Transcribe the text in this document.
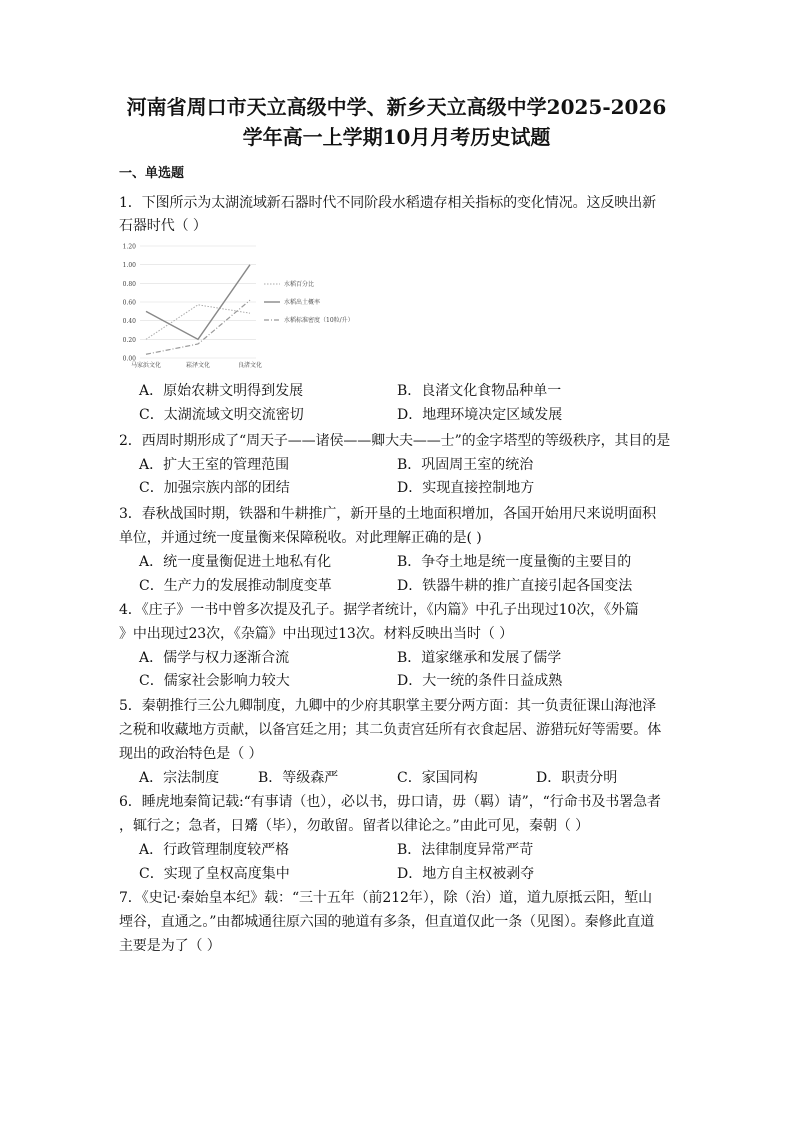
河南省周口市天立高级中学、新乡天立高级中学2025-2026
学年高一上学期10月月考历史试题
一、单选题
1．下图所示为太湖流域新石器时代不同阶段水稻遗存相关指标的变化情况。这反映出新
石器时代（ ）
1.20
1.00
0.80
0.60
0.40
0.20
0.00
马家浜文化	崧泽文化	良渚文化
水稻百分比
水稻出土概率
水稻标准密度（10粒/升）
A．原始农耕文明得到发展	B．良渚文化食物品种单一
C．太湖流域文明交流密切	D．地理环境决定区域发展
2．西周时期形成了“周天子——诸侯——卿大夫——士”的金字塔型的等级秩序，其目的是
A．扩大王室的管理范围	B．巩固周王室的统治
C．加强宗族内部的团结	D．实现直接控制地方
3．春秋战国时期，铁器和牛耕推广，新开垦的土地面积增加，各国开始用尺来说明面积
单位，并通过统一度量衡来保障税收。对此理解正确的是( )
A．统一度量衡促进土地私有化	B．争夺土地是统一度量衡的主要目的
C．生产力的发展推动制度变革	D．铁器牛耕的推广直接引起各国变法
4．《庄子》一书中曾多次提及孔子。据学者统计，《内篇》中孔子出现过10次，《外篇
》中出现过23次，《杂篇》中出现过13次。材料反映出当时（ ）
A．儒学与权力逐渐合流	B．道家继承和发展了儒学
C．儒家社会影响力较大	D．大一统的条件日益成熟
5．秦朝推行三公九卿制度，九卿中的少府其职掌主要分两方面：其一负责征课山海池泽
之税和收藏地方贡献，以备宫廷之用；其二负责宫廷所有衣食起居、游猎玩好等需要。体
现出的政治特色是（ ）
A．宗法制度	B．等级森严	C．家国同构	D．职责分明
6．睡虎地秦简记载:“有事请（也），必以书，毋口请，毋（羁）请”，“行命书及书署急者
，辄行之；急者，日觱（毕），勿敢留。留者以律论之。”由此可见，秦朝（ ）
A．行政管理制度较严格	B．法律制度异常严苛
C．实现了皇权高度集中	D．地方自主权被剥夺
7．《史记·秦始皇本纪》载：“三十五年（前212年），除（治）道，道九原抵云阳，堑山
堙谷，直通之。”由都城通往原六国的驰道有多条，但直道仅此一条（见图）。秦修此直道
主要是为了（ ）
